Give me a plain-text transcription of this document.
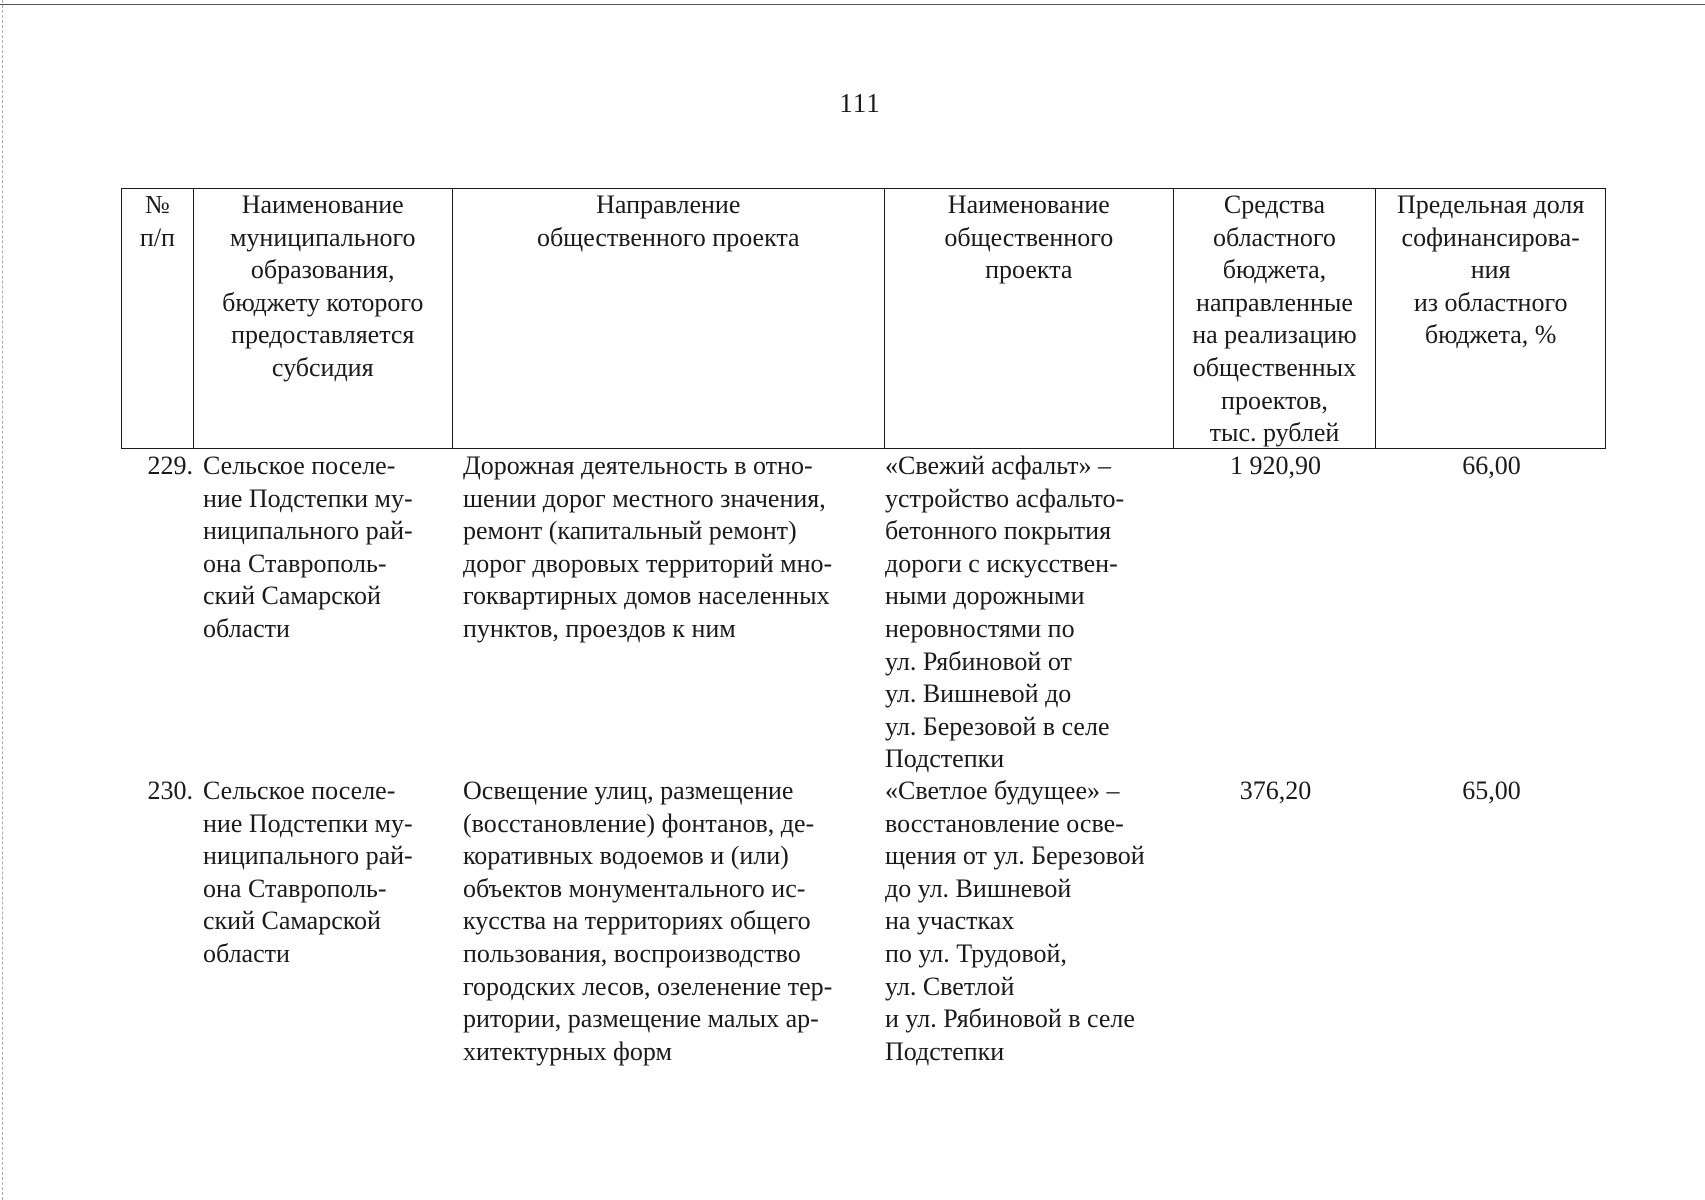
111
№
п/п
Наименование
муниципального
образования,
бюджету которого
предоставляется
субсидия
Направление
общественного проекта
Наименование
общественного
проекта
Средства
областного
бюджета,
направленные
на реализацию
общественных
проектов,
тыс. рублей
Предельная доля
софинансирова-
ния
из областного
бюджета, %
229. Сельское поселе-
ние Подстепки му-
ниципального рай-
она Ставрополь-
ский Самарской
области
Дорожная деятельность в отно-
шении дорог местного значения,
ремонт (капитальный ремонт)
дорог дворовых территорий мно-
гоквартирных домов населенных
пунктов, проездов к ним
«Свежий асфальт» –
устройство асфальто-
бетонного покрытия
дороги с искусствен-
ными дорожными
неровностями по
ул. Рябиновой от
ул. Вишневой до
ул. Березовой в селе
Подстепки
1 920,90	66,00
230. Сельское поселе-
ние Подстепки му-
ниципального рай-
она Ставрополь-
ский Самарской
области
Освещение улиц, размещение
(восстановление) фонтанов, де-
коративных водоемов и (или)
объектов монументального ис-
кусства на территориях общего
пользования, воспроизводство
городских лесов, озеленение тер-
ритории, размещение малых ар-
хитектурных форм
«Светлое будущее» –
восстановление осве-
щения от ул. Березовой
до ул. Вишневой
на участках
по ул. Трудовой,
ул. Светлой
и ул. Рябиновой в селе
Подстепки
376,20	65,00
